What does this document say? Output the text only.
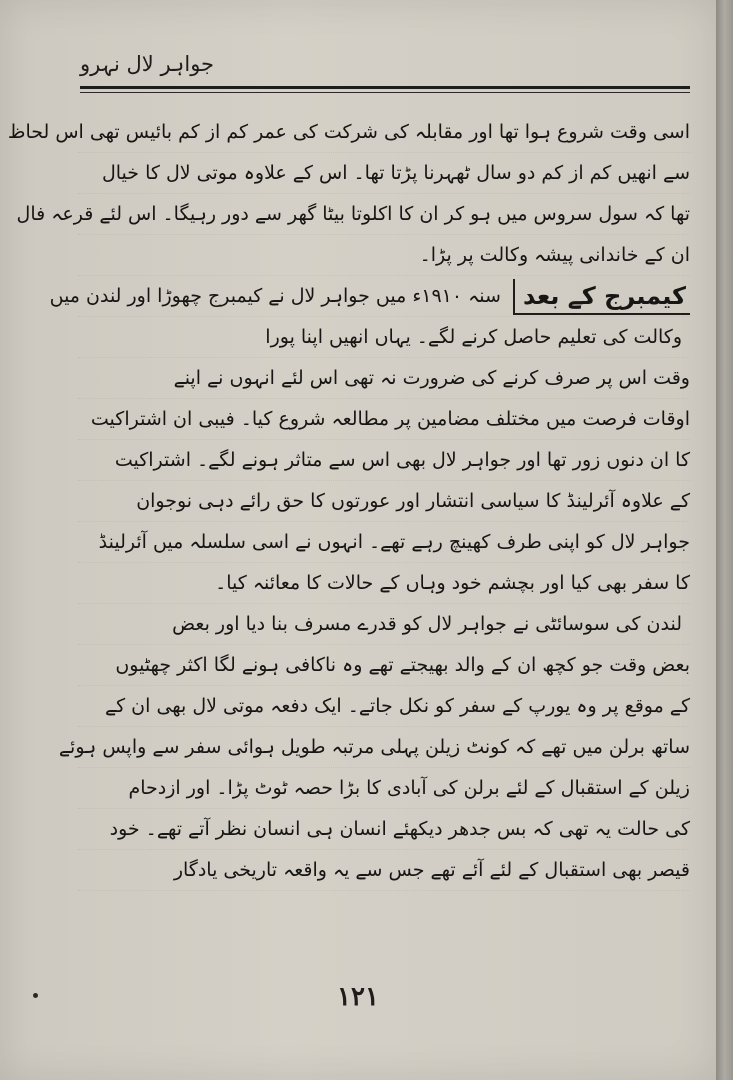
جواہر لال نہرو
اسی وقت شروع ہوا تھا اور مقابلہ کی شرکت کی عمر کم از کم بائیس تھی اس لحاظ
سے انھیں کم از کم دو سال ٹھہرنا پڑتا تھا۔ اس کے علاوہ موتی لال کا خیال
تھا کہ سول سروس میں ہو کر ان کا اکلوتا بیٹا گھر سے دور رہیگا۔ اس لئے قرعہ فال
ان کے خاندانی پیشہ وکالت پر پڑا۔
کیمبرج کے بعد سنہ ۱۹۱۰ء میں جواہر لال نے کیمبرج چھوڑا اور لندن میں
وکالت کی تعلیم حاصل کرنے لگے۔ یہاں انھیں اپنا پورا
وقت اس پر صرف کرنے کی ضرورت نہ تھی اس لئے انہوں نے اپنے
اوقات فرصت میں مختلف مضامین پر مطالعہ شروع کیا۔ فیبی ان اشتراکیت
کا ان دنوں زور تھا اور جواہر لال بھی اس سے متاثر ہونے لگے۔ اشتراکیت
کے علاوہ آئرلینڈ کا سیاسی انتشار اور عورتوں کا حق رائے دہی نوجوان
جواہر لال کو اپنی طرف کھینچ رہے تھے۔ انہوں نے اسی سلسلہ میں آئرلینڈ
کا سفر بھی کیا اور بچشم خود وہاں کے حالات کا معائنہ کیا۔
لندن کی سوسائٹی نے جواہر لال کو قدرے مسرف بنا دیا اور بعض
بعض وقت جو کچھ ان کے والد بھیجتے تھے وہ ناکافی ہونے لگا اکثر چھٹیوں
کے موقع پر وہ یورپ کے سفر کو نکل جاتے۔ ایک دفعہ موتی لال بھی ان کے
ساتھ برلن میں تھے کہ کونٹ زیلن پہلی مرتبہ طویل ہوائی سفر سے واپس ہوئے
زیلن کے استقبال کے لئے برلن کی آبادی کا بڑا حصہ ٹوٹ پڑا۔ اور ازدحام
کی حالت یہ تھی کہ بس جدھر دیکھئے انسان ہی انسان نظر آتے تھے۔ خود
قیصر بھی استقبال کے لئے آئے تھے جس سے یہ واقعہ تاریخی یادگار
۱۲۱
